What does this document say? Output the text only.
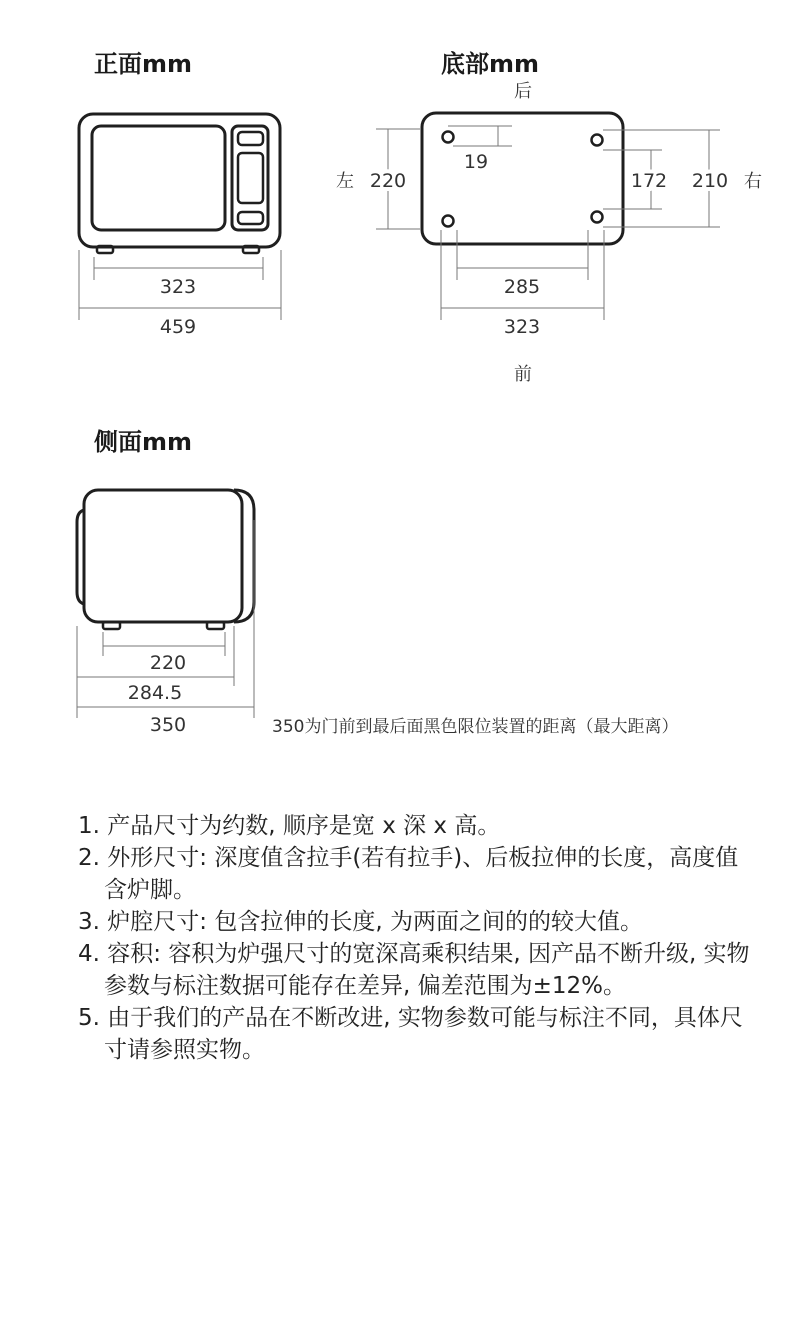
正面mm	底部mm
侧面mm
323
459
后
前
左	右
220
19
172 210
285
323
220
284.5
350	350为门前到最后面黑色限位装置的距离（最大距离）
1. 产品尺寸为约数, 顺序是宽 x 深 x 高。
2. 外形尺寸: 深度值含拉手(若有拉手)、后板拉伸的长度，高度值含炉脚。
3. 炉腔尺寸: 包含拉伸的长度, 为两面之间的的较大值。
4. 容积: 容积为炉强尺寸的宽深高乘积结果, 因产品不断升级, 实物参数与标注数据可能存在差异, 偏差范围为±12%。
5. 由于我们的产品在不断改进, 实物参数可能与标注不同，具体尺寸请参照实物。
